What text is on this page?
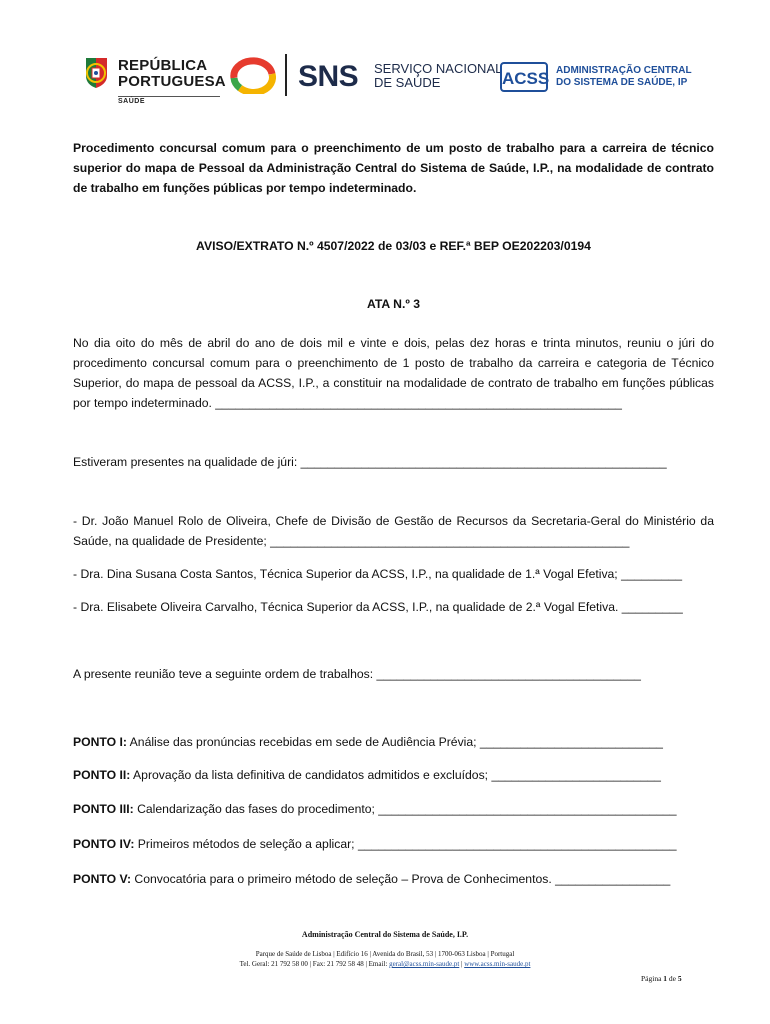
REPÚBLICA
PORTUGUESA
SAÚDE
SNS SERVIÇO NACIONAL
DE SAÚDE	ACSS ADMINISTRAÇÃO CENTRAL
DO SISTEMA DE SAÚDE, IP
Procedimento concursal comum para o preenchimento de um posto de trabalho para a carreira de técnico superior do mapa de Pessoal da Administração Central do Sistema de Saúde, I.P., na modalidade de contrato de trabalho em funções públicas por tempo indeterminado.
AVISO/EXTRATO N.º 4507/2022 de 03/03 e REF.ª BEP OE202203/0194
ATA N.º 3
No dia oito do mês de abril do ano de dois mil e vinte e dois, pelas dez horas e trinta minutos, reuniu o júri do procedimento concursal comum para o preenchimento de 1 posto de trabalho da carreira e categoria de Técnico Superior, do mapa de pessoal da ACSS, I.P., a constituir na modalidade de contrato de trabalho em funções públicas por tempo indeterminado. ____________________________________________________________
Estiveram presentes na qualidade de júri: ______________________________________________________
- Dr. João Manuel Rolo de Oliveira, Chefe de Divisão de Gestão de Recursos da Secretaria-Geral do Ministério da Saúde, na qualidade de Presidente; _____________________________________________________
- Dra. Dina Susana Costa Santos, Técnica Superior da ACSS, I.P., na qualidade de 1.ª Vogal Efetiva; _________
- Dra. Elisabete Oliveira Carvalho, Técnica Superior da ACSS, I.P., na qualidade de 2.ª Vogal Efetiva. _________
A presente reunião teve a seguinte ordem de trabalhos: _______________________________________
PONTO I: Análise das pronúncias recebidas em sede de Audiência Prévia; ___________________________
PONTO II: Aprovação da lista definitiva de candidatos admitidos e excluídos; _________________________
PONTO III: Calendarização das fases do procedimento; ____________________________________________
PONTO IV: Primeiros métodos de seleção a aplicar; _______________________________________________
PONTO V: Convocatória para o primeiro método de seleção – Prova de Conhecimentos. _________________
Administração Central do Sistema de Saúde, I.P.
Parque de Saúde de Lisboa | Edifício 16 | Avenida do Brasil, 53 | 1700-063 Lisboa | Portugal
Tel. Geral: 21 792 58 00 | Fax: 21 792 58 48 | Email: geral@acss.min-saude.pt | www.acss.min-saude.pt
Página 1 de 5
